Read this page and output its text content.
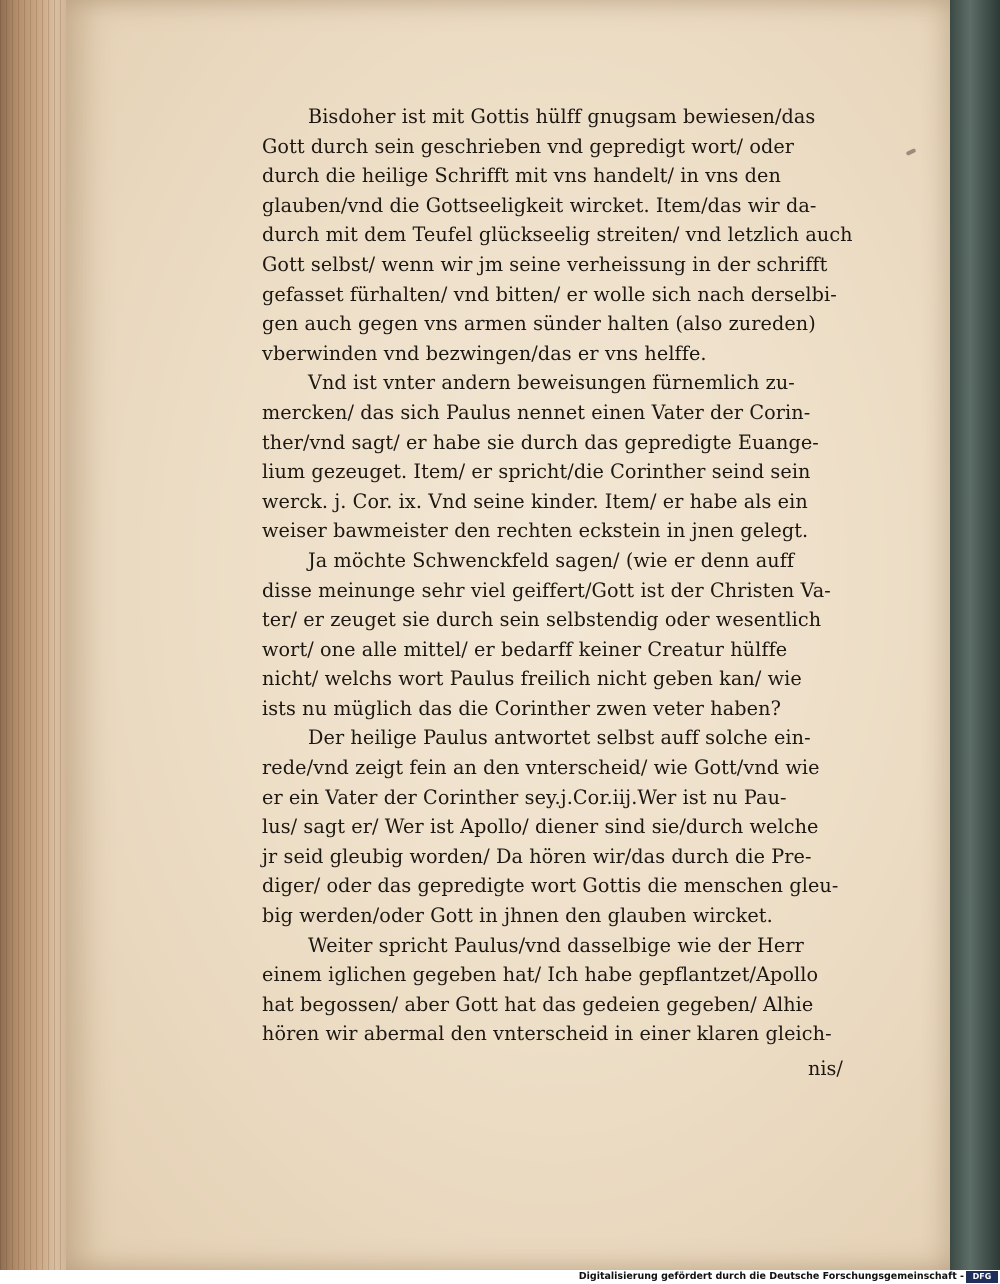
Bisdoher ist mit Gottis hülff gnugsam bewiesen/das
Gott durch sein geschrieben vnd gepredigt wort/ oder
durch die heilige Schrifft mit vns handelt/ in vns den
glauben/vnd die Gottseeligkeit wircket. Item/das wir da-
durch mit dem Teufel glückseelig streiten/ vnd letzlich auch
Gott selbst/ wenn wir jm seine verheissung in der schrifft
gefasset fürhalten/ vnd bitten/ er wolle sich nach derselbi-
gen auch gegen vns armen sünder halten (also zureden)
vberwinden vnd bezwingen/das er vns helffe.
Vnd ist vnter andern beweisungen fürnemlich zu-
mercken/ das sich Paulus nennet einen Vater der Corin-
ther/vnd sagt/ er habe sie durch das gepredigte Euange-
lium gezeuget. Item/ er spricht/die Corinther seind sein
werck. j. Cor. ix. Vnd seine kinder. Item/ er habe als ein
weiser bawmeister den rechten eckstein in jnen gelegt.
Ja möchte Schwenckfeld sagen/ (wie er denn auff
disse meinunge sehr viel geiffert/Gott ist der Christen Va-
ter/ er zeuget sie durch sein selbstendig oder wesentlich
wort/ one alle mittel/ er bedarff keiner Creatur hülffe
nicht/ welchs wort Paulus freilich nicht geben kan/ wie
ists nu müglich das die Corinther zwen veter haben?
Der heilige Paulus antwortet selbst auff solche ein-
rede/vnd zeigt fein an den vnterscheid/ wie Gott/vnd wie
er ein Vater der Corinther sey.j.Cor.iij.Wer ist nu Pau-
lus/ sagt er/ Wer ist Apollo/ diener sind sie/durch welche
jr seid gleubig worden/ Da hören wir/das durch die Pre-
diger/ oder das gepredigte wort Gottis die menschen gleu-
big werden/oder Gott in jhnen den glauben wircket.
Weiter spricht Paulus/vnd dasselbige wie der Herr
einem iglichen gegeben hat/ Ich habe gepflantzet/Apollo
hat begossen/ aber Gott hat das gedeien gegeben/ Alhie
hören wir abermal den vnterscheid in einer klaren gleich-
nis/
Digitalisierung gefördert durch die Deutsche Forschungsgemeinschaft -	DFG
